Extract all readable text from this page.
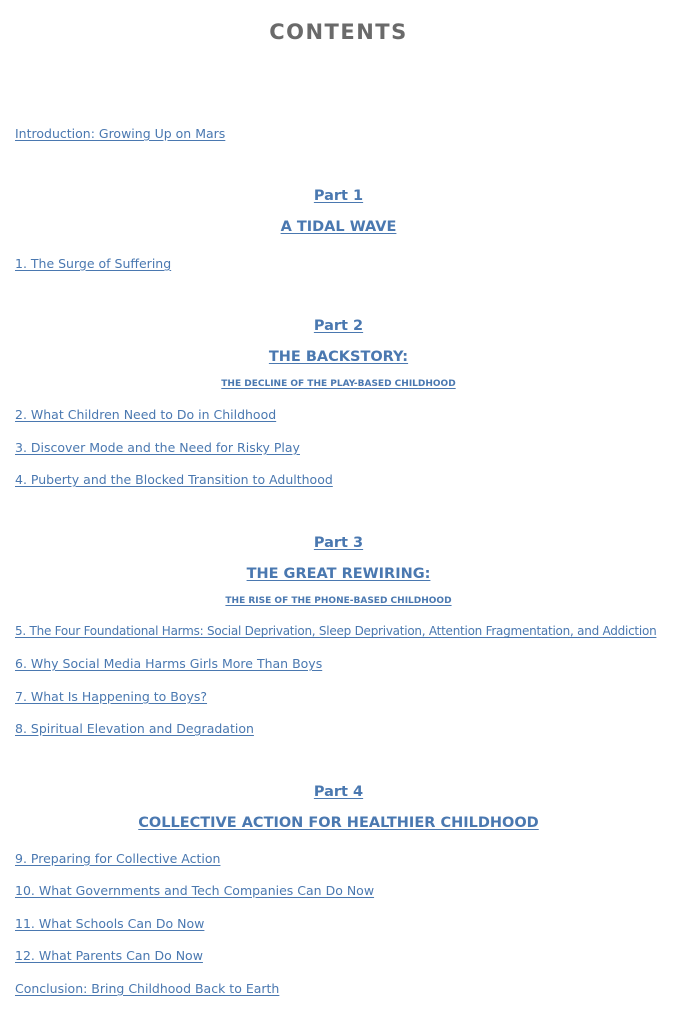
CONTENTS
Introduction: Growing Up on Mars
Part 1
A TIDAL WAVE
1. The Surge of Suffering
Part 2
THE BACKSTORY:
THE DECLINE OF THE PLAY-BASED CHILDHOOD
2. What Children Need to Do in Childhood
3. Discover Mode and the Need for Risky Play
4. Puberty and the Blocked Transition to Adulthood
Part 3
THE GREAT REWIRING:
THE RISE OF THE PHONE-BASED CHILDHOOD
5. The Four Foundational Harms: Social Deprivation, Sleep Deprivation, Attention Fragmentation, and Addiction
6. Why Social Media Harms Girls More Than Boys
7. What Is Happening to Boys?
8. Spiritual Elevation and Degradation
Part 4
COLLECTIVE ACTION FOR HEALTHIER CHILDHOOD
9. Preparing for Collective Action
10. What Governments and Tech Companies Can Do Now
11. What Schools Can Do Now
12. What Parents Can Do Now
Conclusion: Bring Childhood Back to Earth
